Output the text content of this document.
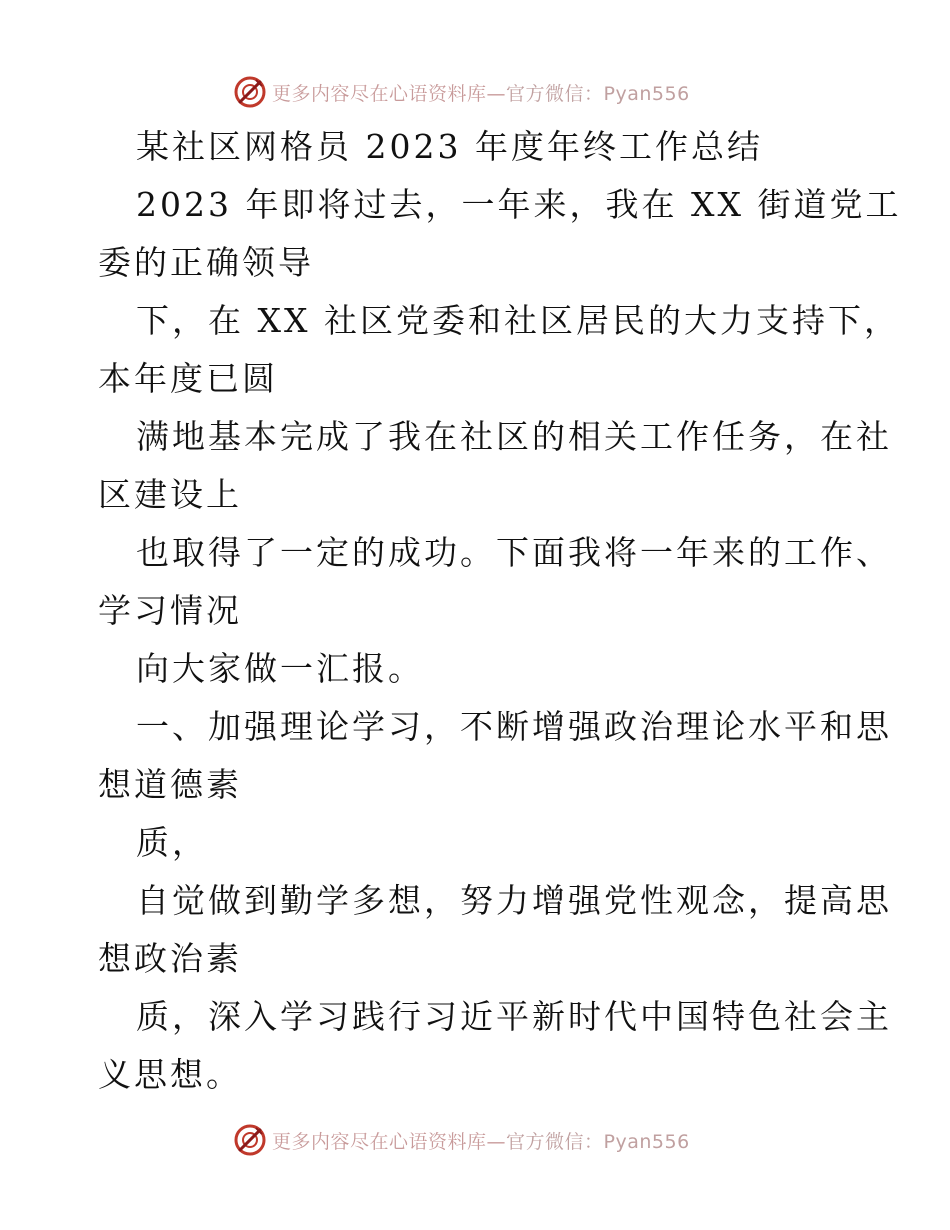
更多内容尽在心语资料库—官方微信：Pyan556
某社区网格员 2023 年度年终工作总结
2023 年即将过去，一年来，我在 XX 街道党工
委的正确领导
下，在 XX 社区党委和社区居民的大力支持下，
本年度已圆
满地基本完成了我在社区的相关工作任务，在社
区建设上
也取得了一定的成功。下面我将一年来的工作、
学习情况
向大家做一汇报。
一、加强理论学习，不断增强政治理论水平和思
想道德素
质，
自觉做到勤学多想，努力增强党性观念，提高思
想政治素
质，深入学习践行习近平新时代中国特色社会主
义思想。
更多内容尽在心语资料库—官方微信：Pyan556
